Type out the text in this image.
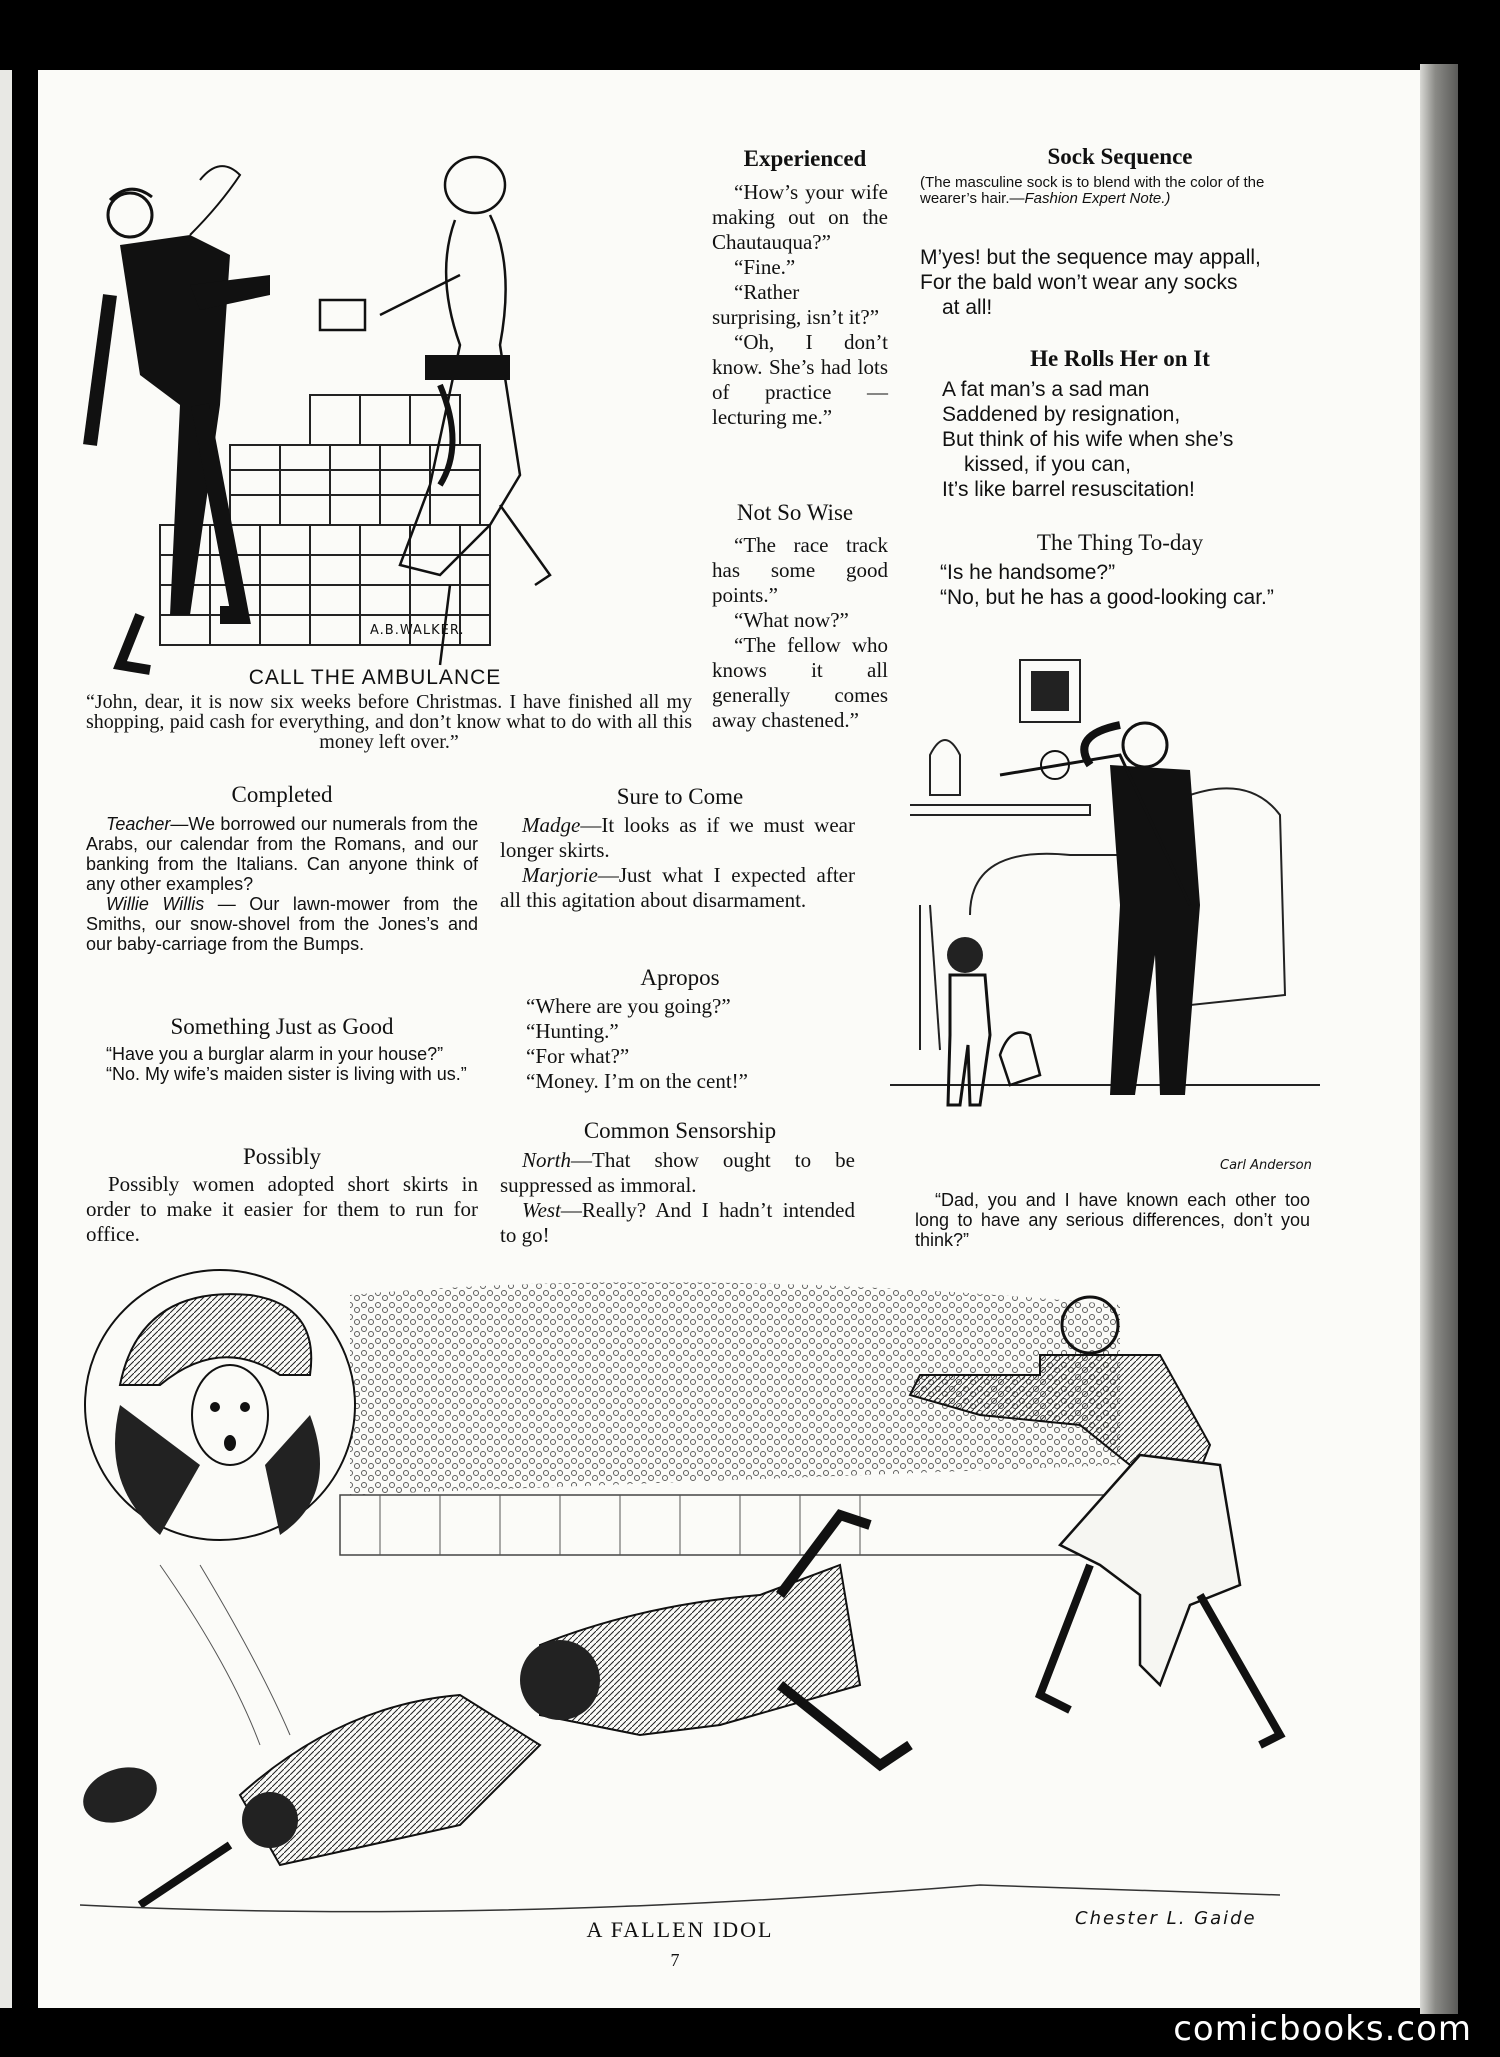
A.B.WALKER.
CALL THE AMBULANCE
“John, dear, it is now six weeks before Christmas. I have finished all my shopping, paid cash for everything, and don’t know what to do with all this money left over.”
Experienced

“How’s your wife making out on the Chautauqua?”

“Fine.”

“Rather surprising, isn’t it?”

“Oh, I don’t know. She’s had lots of practice —lecturing me.”

Not So Wise

“The race track has some good points.”

“What now?”

“The fellow who knows it all generally comes away chastened.”

Sock Sequence
(The masculine sock is to blend with the color of the wearer’s hair.—Fashion Expert Note.)

M’yes! but the sequence may appall,

For the bald won’t wear any socks

at all!

He Rolls Her on It

A fat man’s a sad man

Saddened by resignation,

But think of his wife when she’s

kissed, if you can,

It’s like barrel resuscitation!

The Thing To-day

“Is he handsome?”

“No, but he has a good-looking car.”

Carl Anderson

“Dad, you and I have known each other too long to have any serious differences, don’t you think?”

Completed

Teacher—We borrowed our numerals from the Arabs, our calendar from the Romans, and our banking from the Italians. Can anyone think of any other examples?

Willie Willis — Our lawn-mower from the Smiths, our snow-shovel from the Jones’s and our baby-carriage from the Bumps.

Something Just as Good

“Have you a burglar alarm in your house?”

“No. My wife’s maiden sister is living with us.”

Possibly

Possibly women adopted short skirts in order to make it easier for them to run for office.

Sure to Come

Madge—It looks as if we must wear longer skirts.

Marjorie—Just what I expected after all this agitation about disarmament.

Apropos

“Where are you going?”

“Hunting.”

“For what?”

“Money. I’m on the cent!”

Common Sensorship

North—That show ought to be suppressed as immoral.

West—Really? And I hadn’t intended to go!

Chester L. Gaide
A FALLEN IDOL
7
comicbooks.com
